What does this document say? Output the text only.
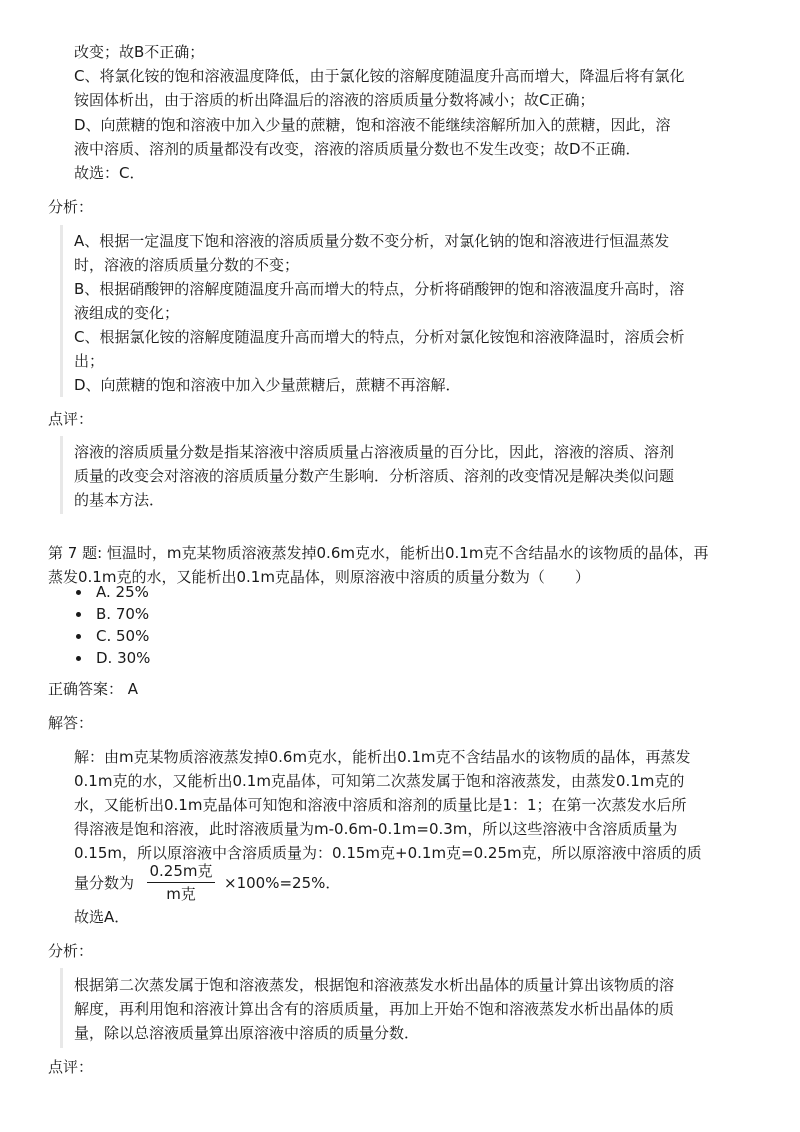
改变；故B不正确；
C、将氯化铵的饱和溶液温度降低，由于氯化铵的溶解度随温度升高而增大，降温后将有氯化
铵固体析出，由于溶质的析出降温后的溶液的溶质质量分数将减小；故C正确；
D、向蔗糖的饱和溶液中加入少量的蔗糖，饱和溶液不能继续溶解所加入的蔗糖，因此，溶
液中溶质、溶剂的质量都没有改变，溶液的溶质质量分数也不发生改变；故D不正确．
故选：C．
分析：
A、根据一定温度下饱和溶液的溶质质量分数不变分析，对氯化钠的饱和溶液进行恒温蒸发
时，溶液的溶质质量分数的不变；
B、根据硝酸钾的溶解度随温度升高而增大的特点，分析将硝酸钾的饱和溶液温度升高时，溶
液组成的变化；
C、根据氯化铵的溶解度随温度升高而增大的特点，分析对氯化铵饱和溶液降温时，溶质会析
出；
D、向蔗糖的饱和溶液中加入少量蔗糖后，蔗糖不再溶解．
点评：
溶液的溶质质量分数是指某溶液中溶质质量占溶液质量的百分比，因此，溶液的溶质、溶剂
质量的改变会对溶液的溶质质量分数产生影响．分析溶质、溶剂的改变情况是解决类似问题
的基本方法．
第 7 题: 恒温时，m克某物质溶液蒸发掉0.6m克水，能析出0.1m克不含结晶水的该物质的晶体，再
蒸发0.1m克的水，又能析出0.1m克晶体，则原溶液中溶质的质量分数为（　　）
• A. 25%
• B. 70%
• C. 50%
• D. 30%
正确答案： A
解答：
解：由m克某物质溶液蒸发掉0.6m克水，能析出0.1m克不含结晶水的该物质的晶体，再蒸发
0.1m克的水，又能析出0.1m克晶体，可知第二次蒸发属于饱和溶液蒸发，由蒸发0.1m克的
水，又能析出0.1m克晶体可知饱和溶液中溶质和溶剂的质量比是1：1；在第一次蒸发水后所
得溶液是饱和溶液，此时溶液质量为m-0.6m-0.1m=0.3m，所以这些溶液中含溶质质量为
0.15m，所以原溶液中含溶质质量为：0.15m克+0.1m克=0.25m克，所以原溶液中溶质的质
量分数为
0.25m克
m克
×100%=25%．
故选A．
分析：
根据第二次蒸发属于饱和溶液蒸发，根据饱和溶液蒸发水析出晶体的质量计算出该物质的溶
解度，再利用饱和溶液计算出含有的溶质质量，再加上开始不饱和溶液蒸发水析出晶体的质
量，除以总溶液质量算出原溶液中溶质的质量分数．
点评：
